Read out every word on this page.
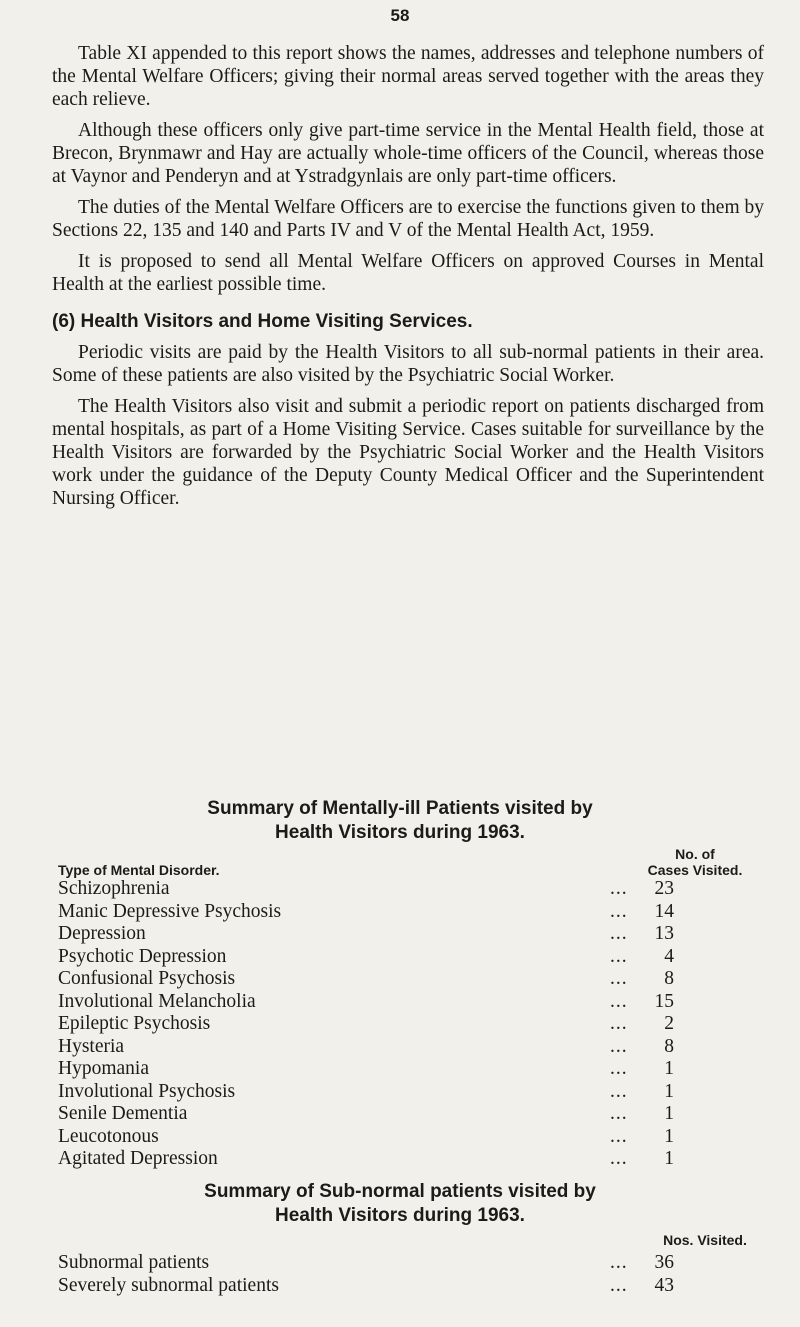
58

Table XI appended to this report shows the names, addresses and telephone numbers of the Mental Welfare Officers; giving their normal areas served together with the areas they each relieve.

Although these officers only give part-time service in the Mental Health field, those at Brecon, Brynmawr and Hay are actually whole-time officers of the Council, whereas those at Vaynor and Penderyn and at Ystradgynlais are only part-time officers.

The duties of the Mental Welfare Officers are to exercise the functions given to them by Sections 22, 135 and 140 and Parts IV and V of the Mental Health Act, 1959.

It is proposed to send all Mental Welfare Officers on approved Courses in Mental Health at the earliest possible time.

(6) Health Visitors and Home Visiting Services.

Periodic visits are paid by the Health Visitors to all sub-normal patients in their area. Some of these patients are also visited by the Psychiatric Social Worker.

The Health Visitors also visit and submit a periodic report on patients discharged from mental hospitals, as part of a Home Visiting Service. Cases suitable for surveillance by the Health Visitors are forwarded by the Psychiatric Social Worker and the Health Visitors work under the guidance of the Deputy County Medical Officer and the Superintendent Nursing Officer.

Summary of Mentally-ill Patients visited by
Health Visitors during 1963.
No. of
Cases Visited.
Type of Mental Disorder.
Schizophrenia	...	23
Manic Depressive Psychosis	...	14
Depression	...	13
Psychotic Depression	...	4
Confusional Psychosis	...	8
Involutional Melancholia	...	15
Epileptic Psychosis	...	2
Hysteria	...	8
Hypomania	...	1
Involutional Psychosis	...	1
Senile Dementia	...	1
Leucotonous	...	1
Agitated Depression	...	1
Summary of Sub-normal patients visited by
Health Visitors during 1963.
Nos. Visited.
Subnormal patients	...	36
Severely subnormal patients	...	43
